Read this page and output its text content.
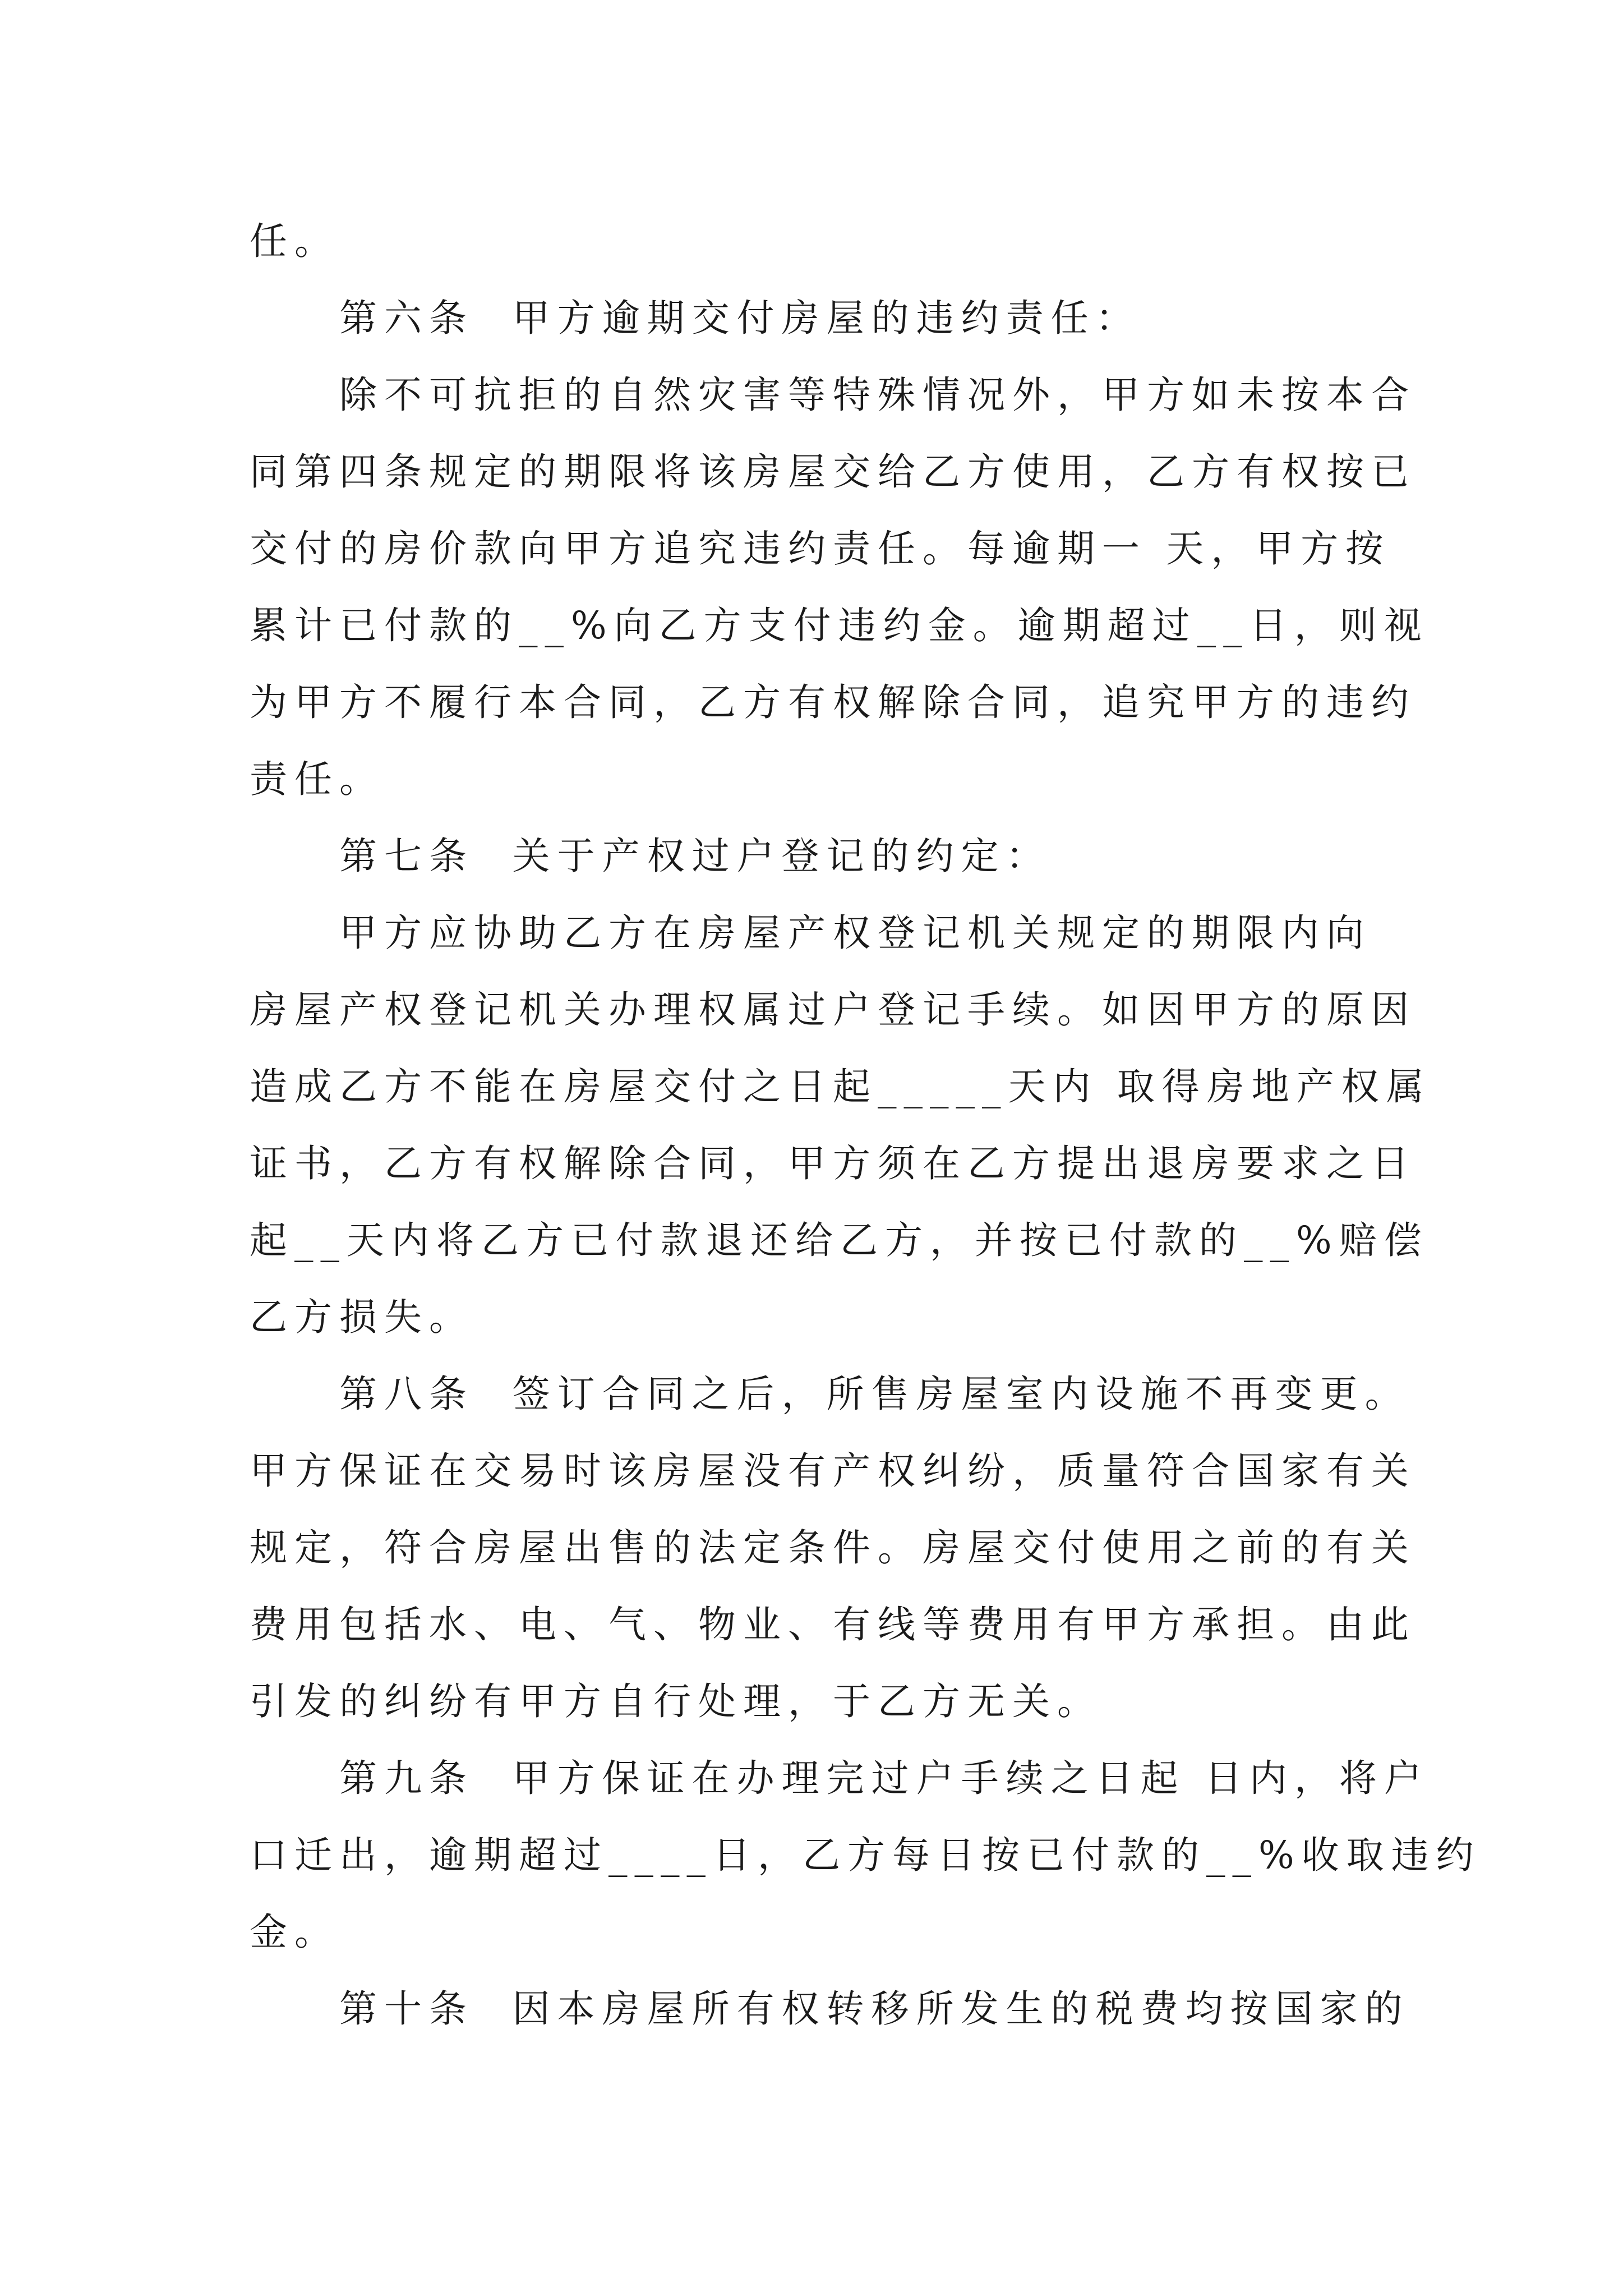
任。
第六条  甲方逾期交付房屋的违约责任：
除不可抗拒的自然灾害等特殊情况外，甲方如未按本合
同第四条规定的期限将该房屋交给乙方使用，乙方有权按已
交付的房价款向甲方追究违约责任。每逾期一 天，甲方按
累计已付款的__%向乙方支付违约金。逾期超过__日，则视
为甲方不履行本合同，乙方有权解除合同，追究甲方的违约
责任。
第七条  关于产权过户登记的约定：
甲方应协助乙方在房屋产权登记机关规定的期限内向
房屋产权登记机关办理权属过户登记手续。如因甲方的原因
造成乙方不能在房屋交付之日起_____天内 取得房地产权属
证书，乙方有权解除合同，甲方须在乙方提出退房要求之日
起__天内将乙方已付款退还给乙方，并按已付款的__%赔偿
乙方损失。
第八条  签订合同之后，所售房屋室内设施不再变更。
甲方保证在交易时该房屋没有产权纠纷，质量符合国家有关
规定，符合房屋出售的法定条件。房屋交付使用之前的有关
费用包括水、电、气、物业、有线等费用有甲方承担。由此
引发的纠纷有甲方自行处理，于乙方无关。
第九条  甲方保证在办理完过户手续之日起 日内，将户
口迁出，逾期超过____日，乙方每日按已付款的__%收取违约
金。
第十条  因本房屋所有权转移所发生的税费均按国家的
